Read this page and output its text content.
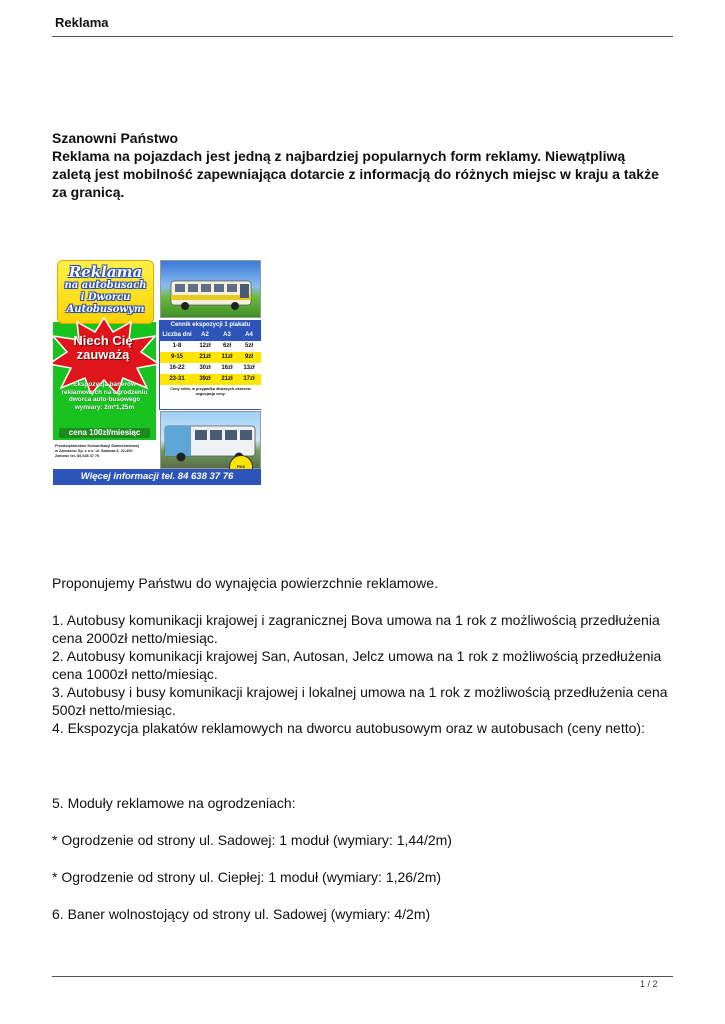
Reklama

Szanowni Państwo

Reklama na pojazdach jest jedną z najbardziej popularnych form reklamy. Niewątpliwą zaletą jest mobilność zapewniająca dotarcie z informacją do różnych miejsc w kraju a także za granicą.

Reklama
na autobusach
i Dworcu
Autobusowym
Niech Cię zauważą
Ekspozycja banerów reklamowych na ogrodzeniu dworca auto-busowego wymiary: 2m*1,25m
cena 100zł/miesiąc
Przedsiębiorstwo Komunikacji Samochodowej w Zamościu Sp. z o.o. ul. Sadowa 6, 22-400 Zamość tel. 84 638 37 76
Cennik ekspozycji 1 plakatu
Liczba dni	A2	A3	A4
1-8	12zł	6zł	5zł
9-15	21zł	11zł	9zł
16-22	30zł	16zł	13zł
23-31	39zł	21zł	17zł
Ceny netto, w przypadku dłuższych okresów negocjacja ceny.
PKS
Więcej informacji tel. 84 638 37 76

Proponujemy Państwu do wynajęcia powierzchnie reklamowe.

1. Autobusy komunikacji krajowej i zagranicznej Bova umowa na 1 rok z możliwością przedłużenia cena 2000zł netto/miesiąc.

2. Autobusy komunikacji krajowej San, Autosan, Jelcz umowa na 1 rok z możliwością przedłużenia cena 1000zł netto/miesiąc.

3. Autobusy i busy komunikacji krajowej i lokalnej umowa na 1 rok z możliwością przedłużenia cena 500zł netto/miesiąc.

4. Ekspozycja plakatów reklamowych na dworcu autobusowym oraz w autobusach (ceny netto):

5. Moduły reklamowe na ogrodzeniach:

* Ogrodzenie od strony ul. Sadowej: 1 moduł (wymiary: 1,44/2m)

* Ogrodzenie od strony ul. Ciepłej: 1 moduł (wymiary: 1,26/2m)

6. Baner wolnostojący od strony ul. Sadowej (wymiary: 4/2m)

1 / 2
